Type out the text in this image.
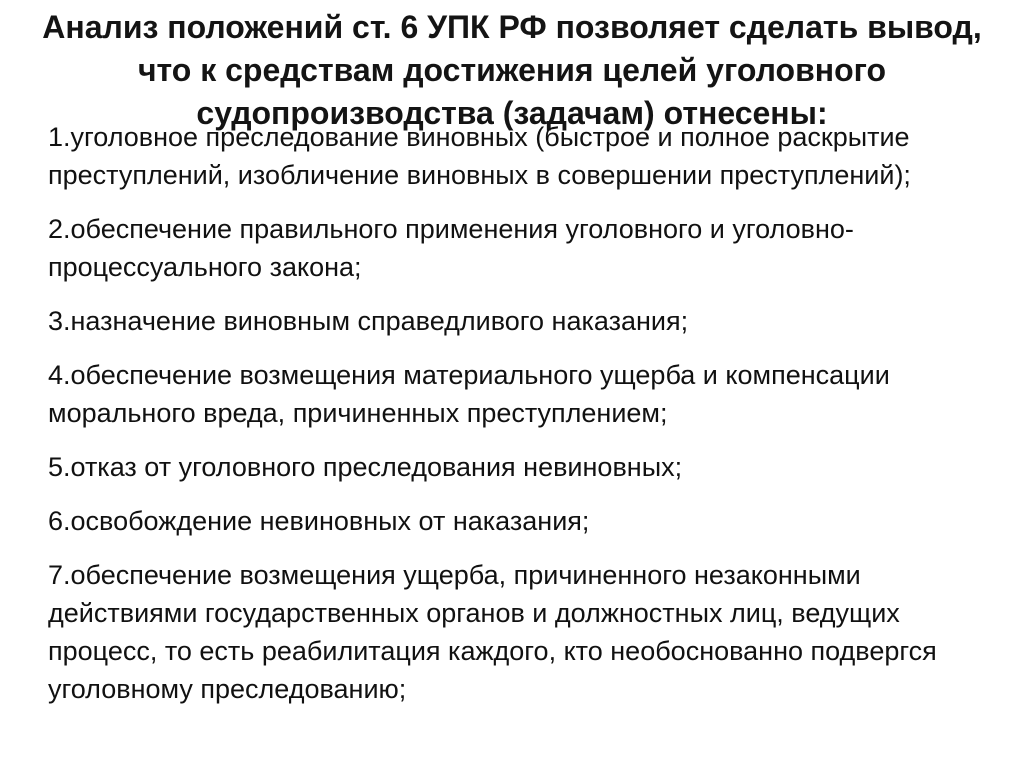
Анализ положений ст. 6 УПК РФ позволяет сделать вывод, что к средствам достижения целей уголовного судопроизводства (задачам) отнесены:
1.уголовное преследование виновных (быстрое и полное раскрытие преступлений, изобличение виновных в совершении преступлений);
2.обеспечение правильного применения уголовного и уголовно-процессуального закона;
3.назначение виновным справедливого наказания;
4.обеспечение возмещения материального ущерба и компенсации морального вреда, причиненных преступлением;
5.отказ от уголовного преследования невиновных;
6.освобождение невиновных от наказания;
7.обеспечение возмещения ущерба, причиненного незаконными действиями государственных органов и должностных лиц, ведущих процесс, то есть реабилитация каждого, кто необоснованно подвергся уголовному преследованию;
